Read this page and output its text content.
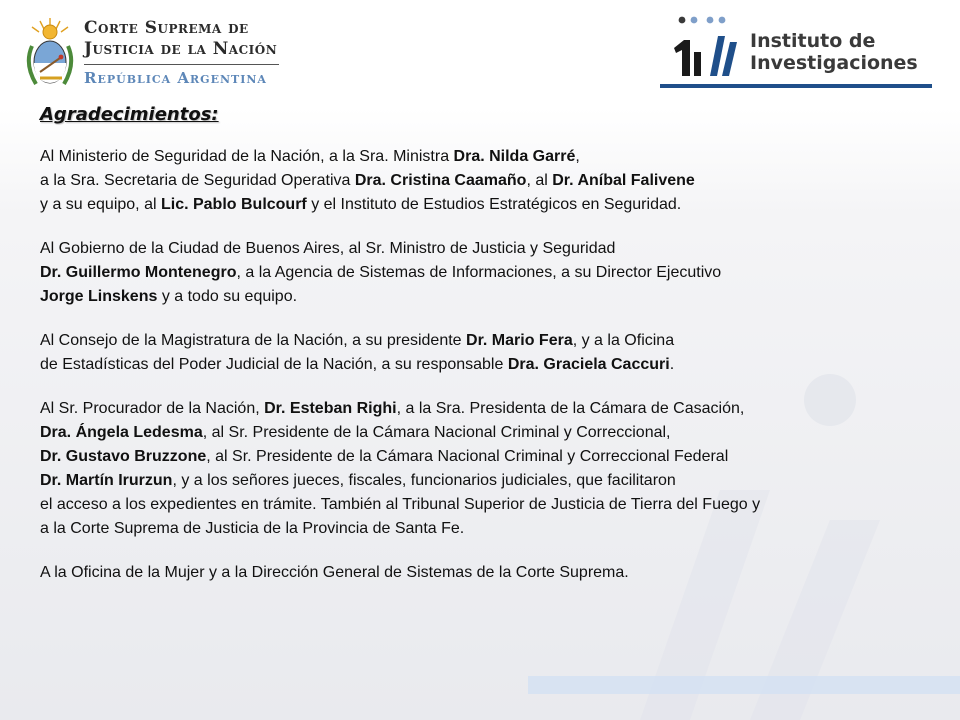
Corte Suprema de
Justicia de la Nación
República Argentina
Instituto de
Investigaciones
Agradecimientos:
Al Ministerio de Seguridad de la Nación, a la Sra. Ministra Dra. Nilda Garré,
a la Sra. Secretaria de Seguridad Operativa Dra. Cristina Caamaño, al Dr. Aníbal Falivene
y a su equipo, al Lic. Pablo Bulcourf y el Instituto de Estudios Estratégicos en Seguridad.
Al Gobierno de la Ciudad de Buenos Aires, al Sr. Ministro de Justicia y Seguridad
Dr. Guillermo Montenegro, a la Agencia de Sistemas de Informaciones, a su Director Ejecutivo
Jorge Linskens y a todo su equipo.
Al Consejo de la Magistratura de la Nación, a su presidente Dr. Mario Fera, y a la Oficina
de Estadísticas del Poder Judicial de la Nación, a su responsable Dra. Graciela Caccuri.
Al Sr. Procurador de la Nación, Dr. Esteban Righi, a la Sra. Presidenta de la Cámara de Casación,
Dra. Ángela Ledesma, al Sr. Presidente de la Cámara Nacional Criminal y Correccional,
Dr. Gustavo Bruzzone, al Sr. Presidente de la Cámara Nacional Criminal y Correccional Federal
Dr. Martín Irurzun, y a los señores jueces, fiscales, funcionarios judiciales, que facilitaron
el acceso a los expedientes en trámite. También al Tribunal Superior de Justicia de Tierra del Fuego y
a la Corte Suprema de Justicia de la Provincia de Santa Fe.
A la Oficina de la Mujer y a la Dirección General de Sistemas de la Corte Suprema.
